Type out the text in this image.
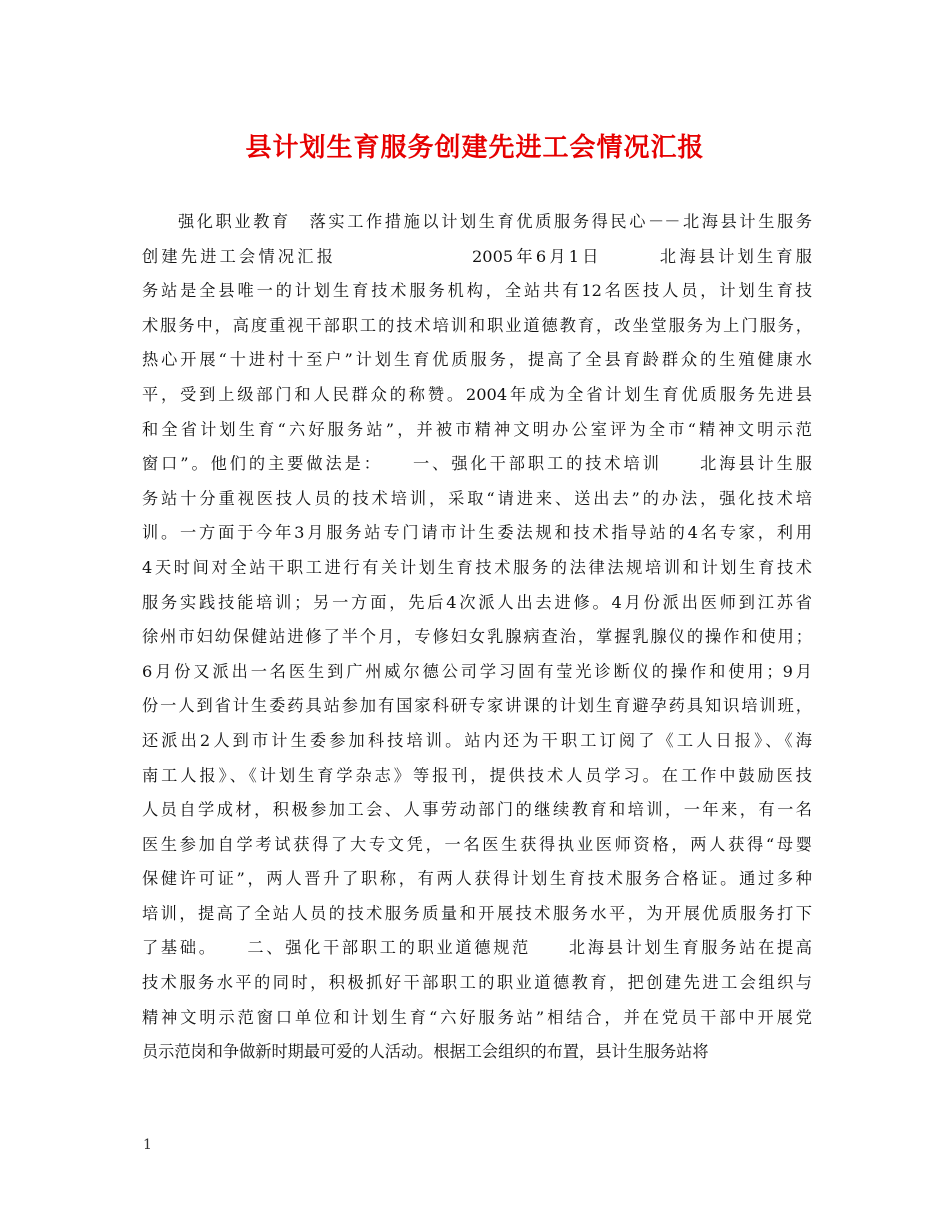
县计划生育服务创建先进工会情况汇报
强化职业教育　落实工作措施以计划生育优质服务得民心－－北海县计生服务
创建先进工会情况汇报　　　　　　　2005年6月1日　　　北海县计划生育服
务站是全县唯一的计划生育技术服务机构，全站共有12名医技人员，计划生育技
术服务中，高度重视干部职工的技术培训和职业道德教育，改坐堂服务为上门服务，
热心开展“十进村十至户”计划生育优质服务，提高了全县育龄群众的生殖健康水
平，受到上级部门和人民群众的称赞。2004年成为全省计划生育优质服务先进县
和全省计划生育“六好服务站”，并被市精神文明办公室评为全市“精神文明示范
窗口”。他们的主要做法是：　　一、强化干部职工的技术培训　　北海县计生服
务站十分重视医技人员的技术培训，采取“请进来、送出去”的办法，强化技术培
训。一方面于今年3月服务站专门请市计生委法规和技术指导站的4名专家，利用
4天时间对全站干职工进行有关计划生育技术服务的法律法规培训和计划生育技术
服务实践技能培训；另一方面，先后4次派人出去进修。4月份派出医师到江苏省
徐州市妇幼保健站进修了半个月，专修妇女乳腺病查治，掌握乳腺仪的操作和使用；
6月份又派出一名医生到广州威尔德公司学习固有莹光诊断仪的操作和使用；9月
份一人到省计生委药具站参加有国家科研专家讲课的计划生育避孕药具知识培训班，
还派出2人到市计生委参加科技培训。站内还为干职工订阅了《工人日报》、《海
南工人报》、《计划生育学杂志》等报刊，提供技术人员学习。在工作中鼓励医技
人员自学成材，积极参加工会、人事劳动部门的继续教育和培训，一年来，有一名
医生参加自学考试获得了大专文凭，一名医生获得执业医师资格，两人获得“母婴
保健许可证”，两人晋升了职称，有两人获得计划生育技术服务合格证。通过多种
培训，提高了全站人员的技术服务质量和开展技术服务水平，为开展优质服务打下
了基础。　　二、强化干部职工的职业道德规范　　北海县计划生育服务站在提高
技术服务水平的同时，积极抓好干部职工的职业道德教育，把创建先进工会组织与
精神文明示范窗口单位和计划生育“六好服务站”相结合，并在党员干部中开展党
员示范岗和争做新时期最可爱的人活动。根据工会组织的布置，县计生服务站将
1
